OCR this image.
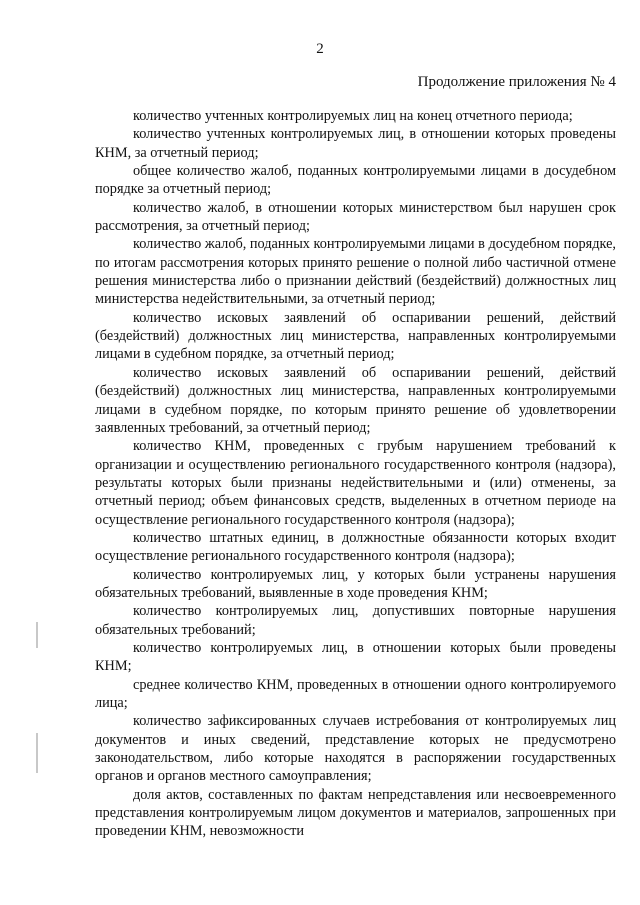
2
Продолжение приложения № 4

количество учтенных контролируемых лиц на конец отчетного периода;

количество учтенных контролируемых лиц, в отношении которых проведены КНМ, за отчетный период;

общее количество жалоб, поданных контролируемыми лицами в досудебном порядке за отчетный период;

количество жалоб, в отношении которых министерством был нарушен срок рассмотрения, за отчетный период;

количество жалоб, поданных контролируемыми лицами в досудебном порядке, по итогам рассмотрения которых принято решение о полной либо частичной отмене решения министерства либо о признании действий (бездействий) должностных лиц министерства недействительными, за отчетный период;

количество исковых заявлений об оспаривании решений, действий (бездействий) должностных лиц министерства, направленных контролируемыми лицами в судебном порядке, за отчетный период;

количество исковых заявлений об оспаривании решений, действий (бездействий) должностных лиц министерства, направленных контролируемыми лицами в судебном порядке, по которым принято решение об удовлетворении заявленных требований, за отчетный период;

количество КНМ, проведенных с грубым нарушением требований к организации и осуществлению регионального государственного контроля (надзора), результаты которых были признаны недействительными и (или) отменены, за отчетный период; объем финансовых средств, выделенных в отчетном периоде на осуществление регионального государственного контроля (надзора);

количество штатных единиц, в должностные обязанности которых входит осуществление регионального государственного контроля (надзора);

количество контролируемых лиц, у которых были устранены нарушения обязательных требований, выявленные в ходе проведения КНМ;

количество контролируемых лиц, допустивших повторные нарушения обязательных требований;

количество контролируемых лиц, в отношении которых были проведены КНМ;

среднее количество КНМ, проведенных в отношении одного контролируемого лица;

количество зафиксированных случаев истребования от контролируемых лиц документов и иных сведений, представление которых не предусмотрено законодательством, либо которые находятся в распоряжении государственных органов и органов местного самоуправления;

доля актов, составленных по фактам непредставления или несвоевременного представления контролируемым лицом документов и материалов, запрошенных при проведении КНМ, невозможности
